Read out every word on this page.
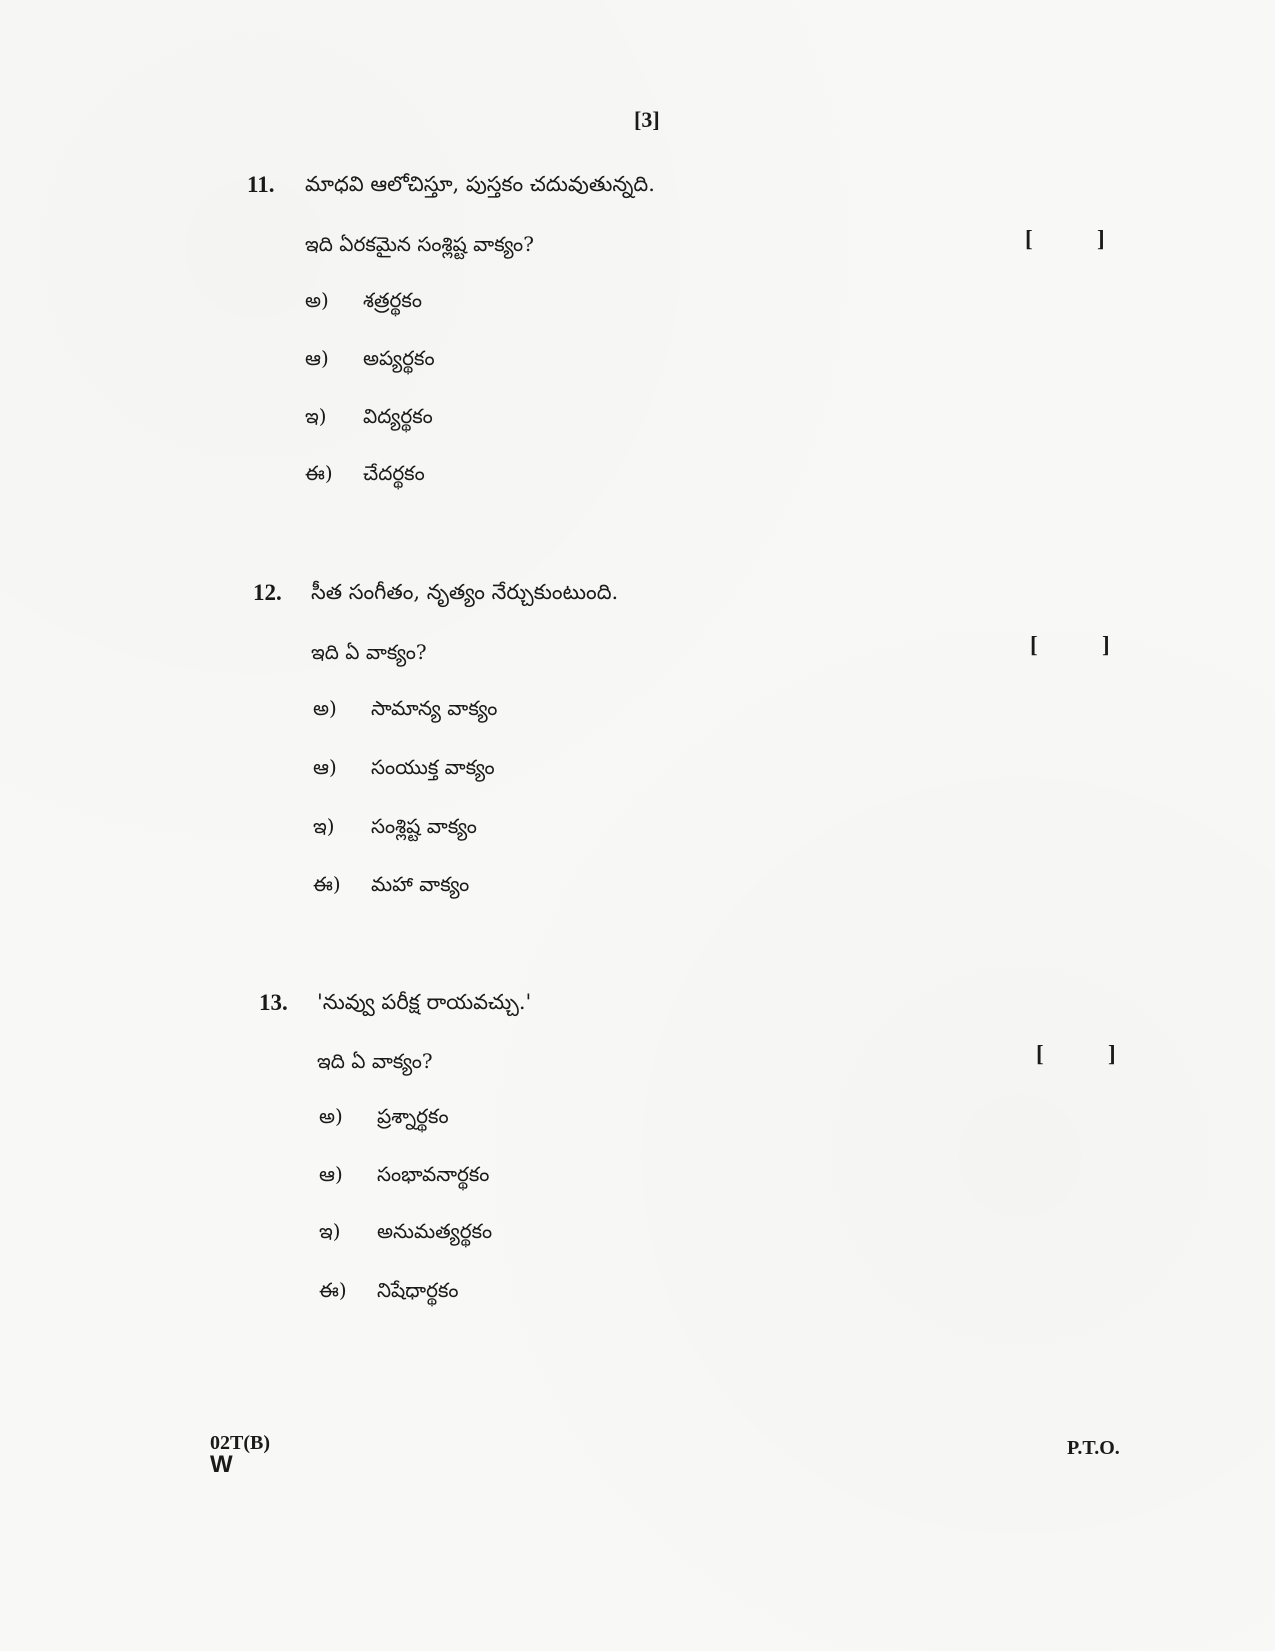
[3]
11. మాధవి ఆలోచిస్తూ, పుస్తకం చదువుతున్నది.
ఇది ఏరకమైన సంశ్లిష్ట వాక్యం?	[	]
అ) శత్రర్థకం
ఆ) అప్యర్థకం
ఇ) విద్యర్థకం
ఈ) చేదర్థకం
12. సీత సంగీతం, నృత్యం నేర్చుకుంటుంది.
ఇది ఏ వాక్యం?	[	]
అ) సామాన్య వాక్యం
ఆ) సంయుక్త వాక్యం
ఇ) సంశ్లిష్ట వాక్యం
ఈ) మహా వాక్యం
13. 'నువ్వు పరీక్ష రాయవచ్చు.'
ఇది ఏ వాక్యం?	[	]
అ) ప్రశ్నార్థకం
ఆ) సంభావనార్థకం
ఇ) అనుమత్యర్థకం
ఈ) నిషేధార్థకం
02T(B)
W
P.T.O.
